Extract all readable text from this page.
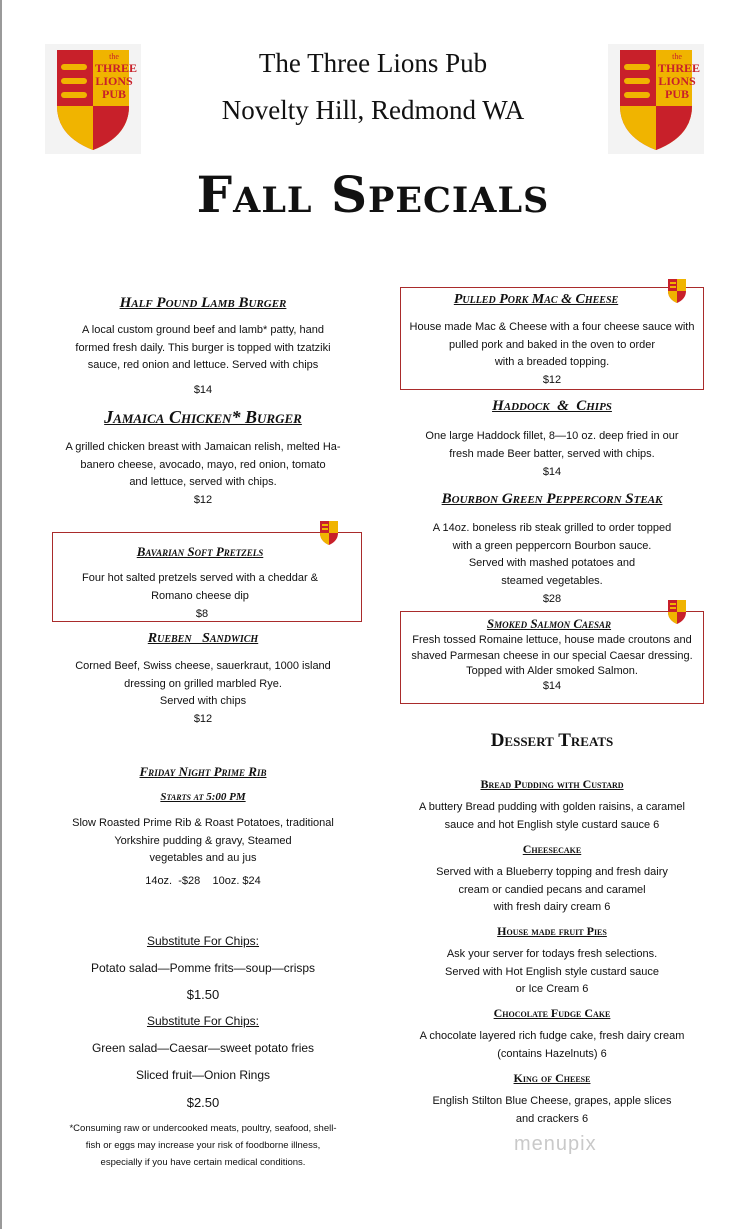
the
THREE
LIONS
PUB
the
THREE
LIONS
PUB
The Three Lions Pub
Novelty Hill, Redmond WA
Fall Specials
Half Pound Lamb Burger
A local custom ground beef and lamb* patty, hand
formed fresh daily. This burger is topped with tzatziki
sauce, red onion and lettuce. Served with chips
$14
Jamaica Chicken* Burger
A grilled chicken breast with Jamaican relish, melted Ha-
banero cheese, avocado, mayo, red onion, tomato
and lettuce, served with chips.
$12
Bavarian Soft Pretzels
Four hot salted pretzels served with a cheddar &
Romano cheese dip
$8
Rueben   Sandwich
Corned Beef, Swiss cheese, sauerkraut, 1000 island
dressing on grilled marbled Rye.
Served with chips
$12
Friday Night Prime Rib
Starts at 5:00 PM
Slow Roasted Prime Rib & Roast Potatoes, traditional
Yorkshire pudding & gravy, Steamed
vegetables and au jus
14oz.  -$28    10oz. $24
Substitute For Chips:
Potato salad—Pomme frits—soup—crisps
$1.50
Substitute For Chips:
Green salad—Caesar—sweet potato fries
Sliced fruit—Onion Rings
$2.50
*Consuming raw or undercooked meats, poultry, seafood, shell-
fish or eggs may increase your risk of foodborne illness,
especially if you have certain medical conditions.
Pulled Pork Mac & Cheese
House made Mac & Cheese with a four cheese sauce with
pulled pork and baked in the oven to order
with a breaded topping.
$12
Haddock  &  Chips
One large Haddock fillet, 8—10 oz. deep fried in our
fresh made Beer batter, served with chips.
$14
Bourbon Green Peppercorn Steak
A 14oz. boneless rib steak grilled to order topped
with a green peppercorn Bourbon sauce.
Served with mashed potatoes and
steamed vegetables.
$28
Smoked Salmon Caesar
Fresh tossed Romaine lettuce, house made croutons and
shaved Parmesan cheese in our special Caesar dressing.
Topped with Alder smoked Salmon.
$14
Dessert Treats
Bread Pudding with Custard
A buttery Bread pudding with golden raisins, a caramel
sauce and hot English style custard sauce 6
Cheesecake
Served with a Blueberry topping and fresh dairy
cream or candied pecans and caramel
with fresh dairy cream 6
House made fruit Pies
Ask your server for todays fresh selections.
Served with Hot English style custard sauce
or Ice Cream 6
Chocolate Fudge Cake
A chocolate layered rich fudge cake, fresh dairy cream
(contains Hazelnuts) 6
King of Cheese
English Stilton Blue Cheese, grapes, apple slices
and crackers 6
menupix
